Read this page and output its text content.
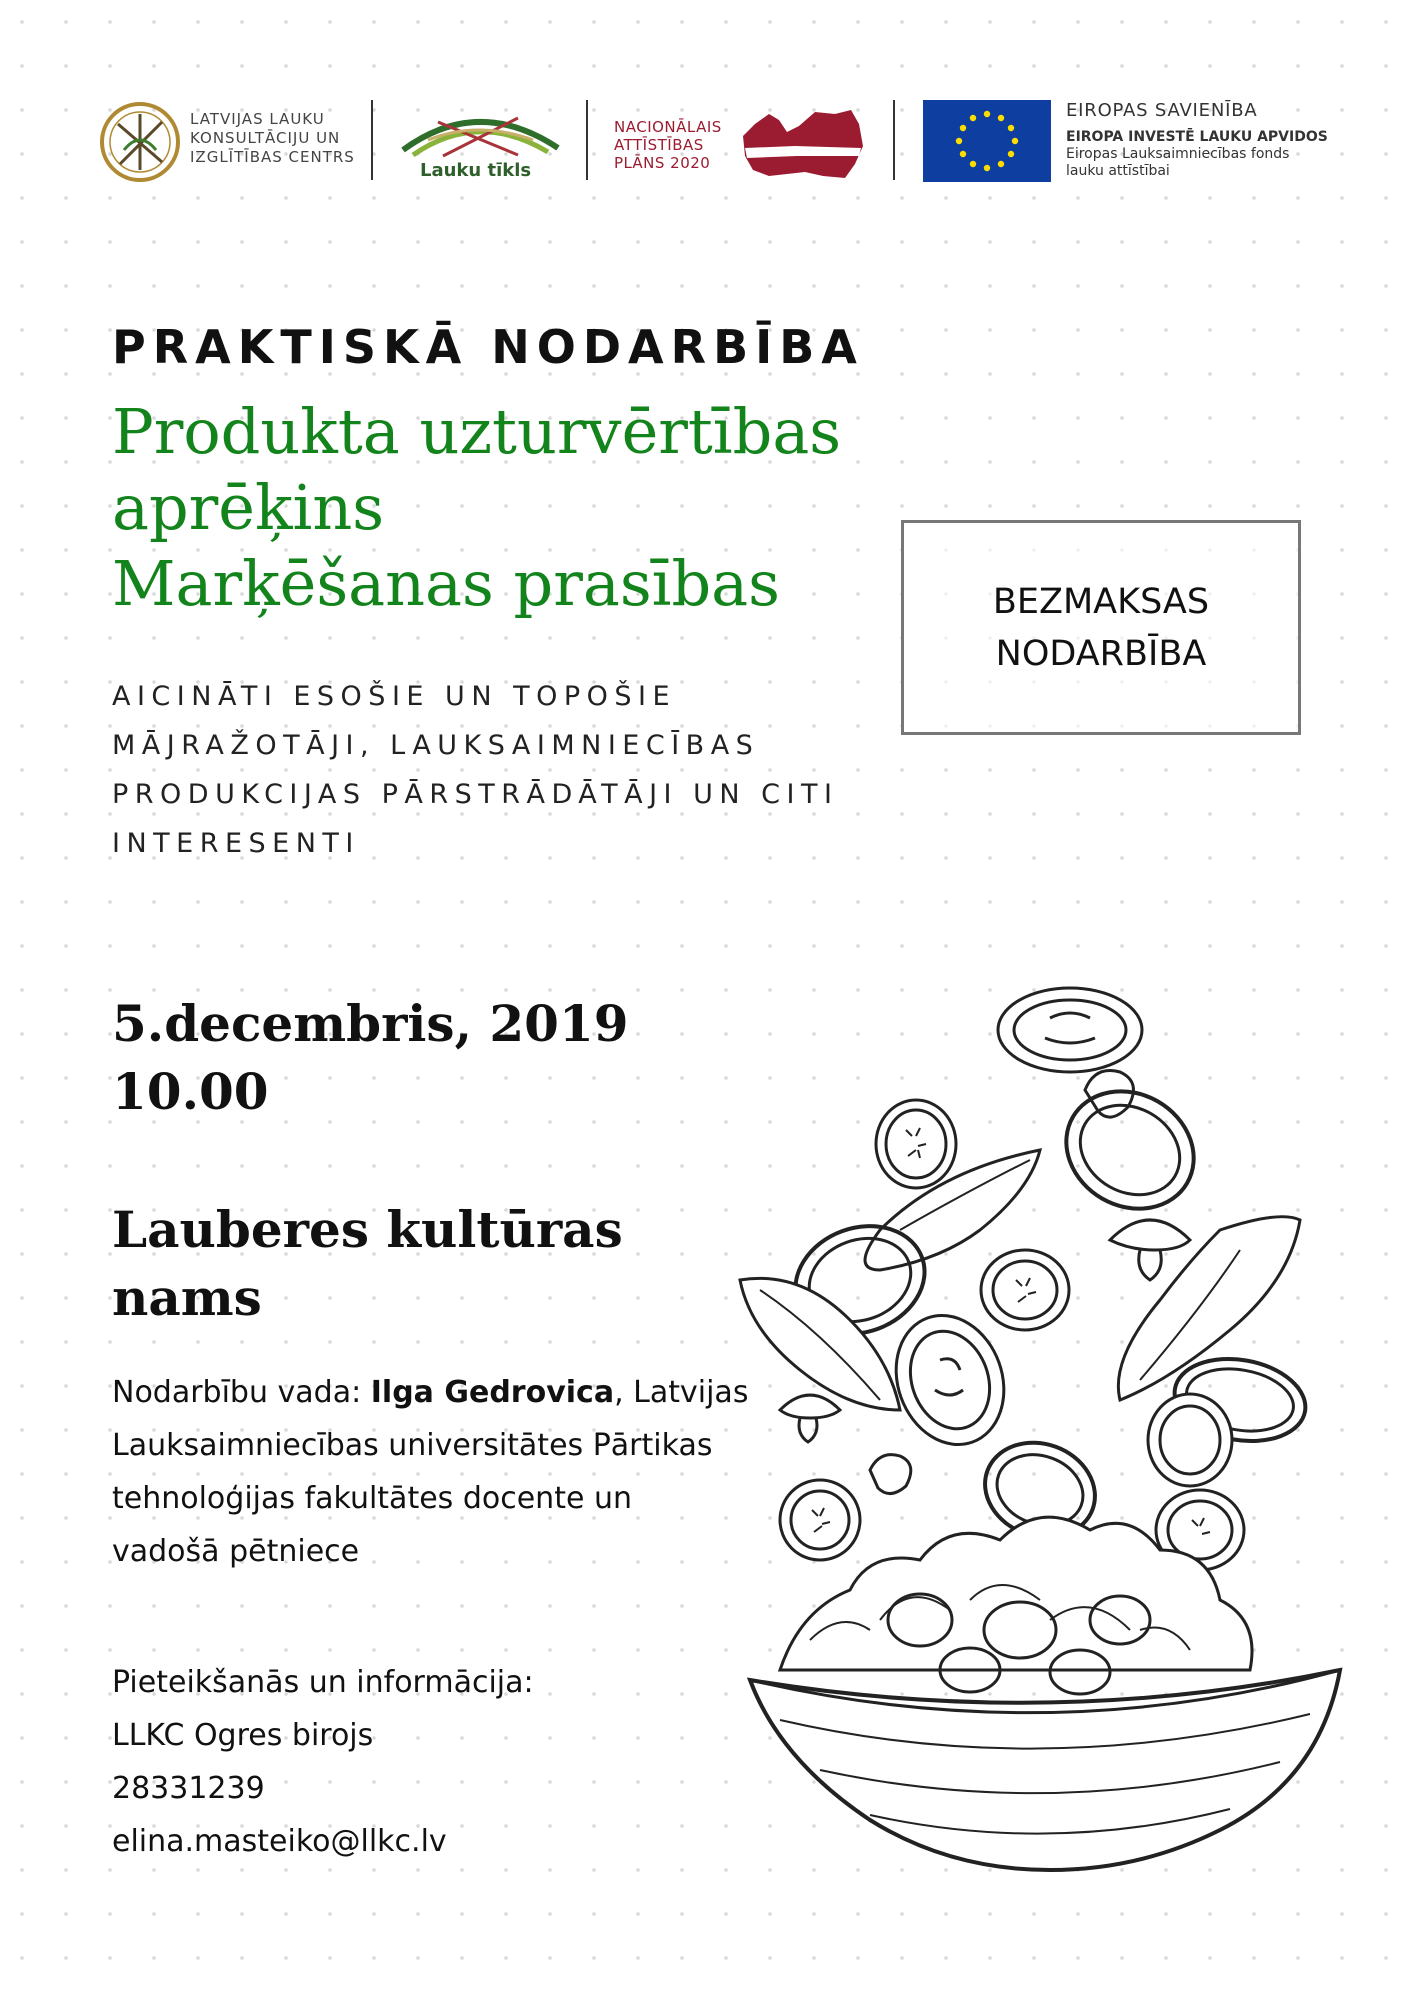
LATVIJAS LAUKU
KONSULTĀCIJU UN
IZGLĪTĪBAS CENTRS
Lauku tīkls
NACIONĀLAIS
ATTĪSTĪBAS
PLĀNS 2020
EIROPAS SAVIENĪBA
EIROPA INVESTĒ LAUKU APVIDOS
Eiropas Lauksaimniecības fonds
lauku attīstībai
PRAKTISKĀ NODARBĪBA
Produkta uzturvērtības
aprēķins
Marķēšanas prasības	BEZMAKSAS
NODARBĪBA
AICINĀTI ESOŠIE UN TOPOŠIE
MĀJRAŽOTĀJI, LAUKSAIMNIECĪBAS
PRODUKCIJAS PĀRSTRĀDĀTĀJI UN CITI
INTERESENTI
5.decembris, 2019
10.00
Lauberes kultūras
nams
Nodarbību vada: Ilga Gedrovica, Latvijas
Lauksaimniecības universitātes Pārtikas
tehnoloģijas fakultātes docente un
vadošā pētniece
Pieteikšanās un informācija:
LLKC Ogres birojs
28331239
elina.masteiko@llkc.lv
